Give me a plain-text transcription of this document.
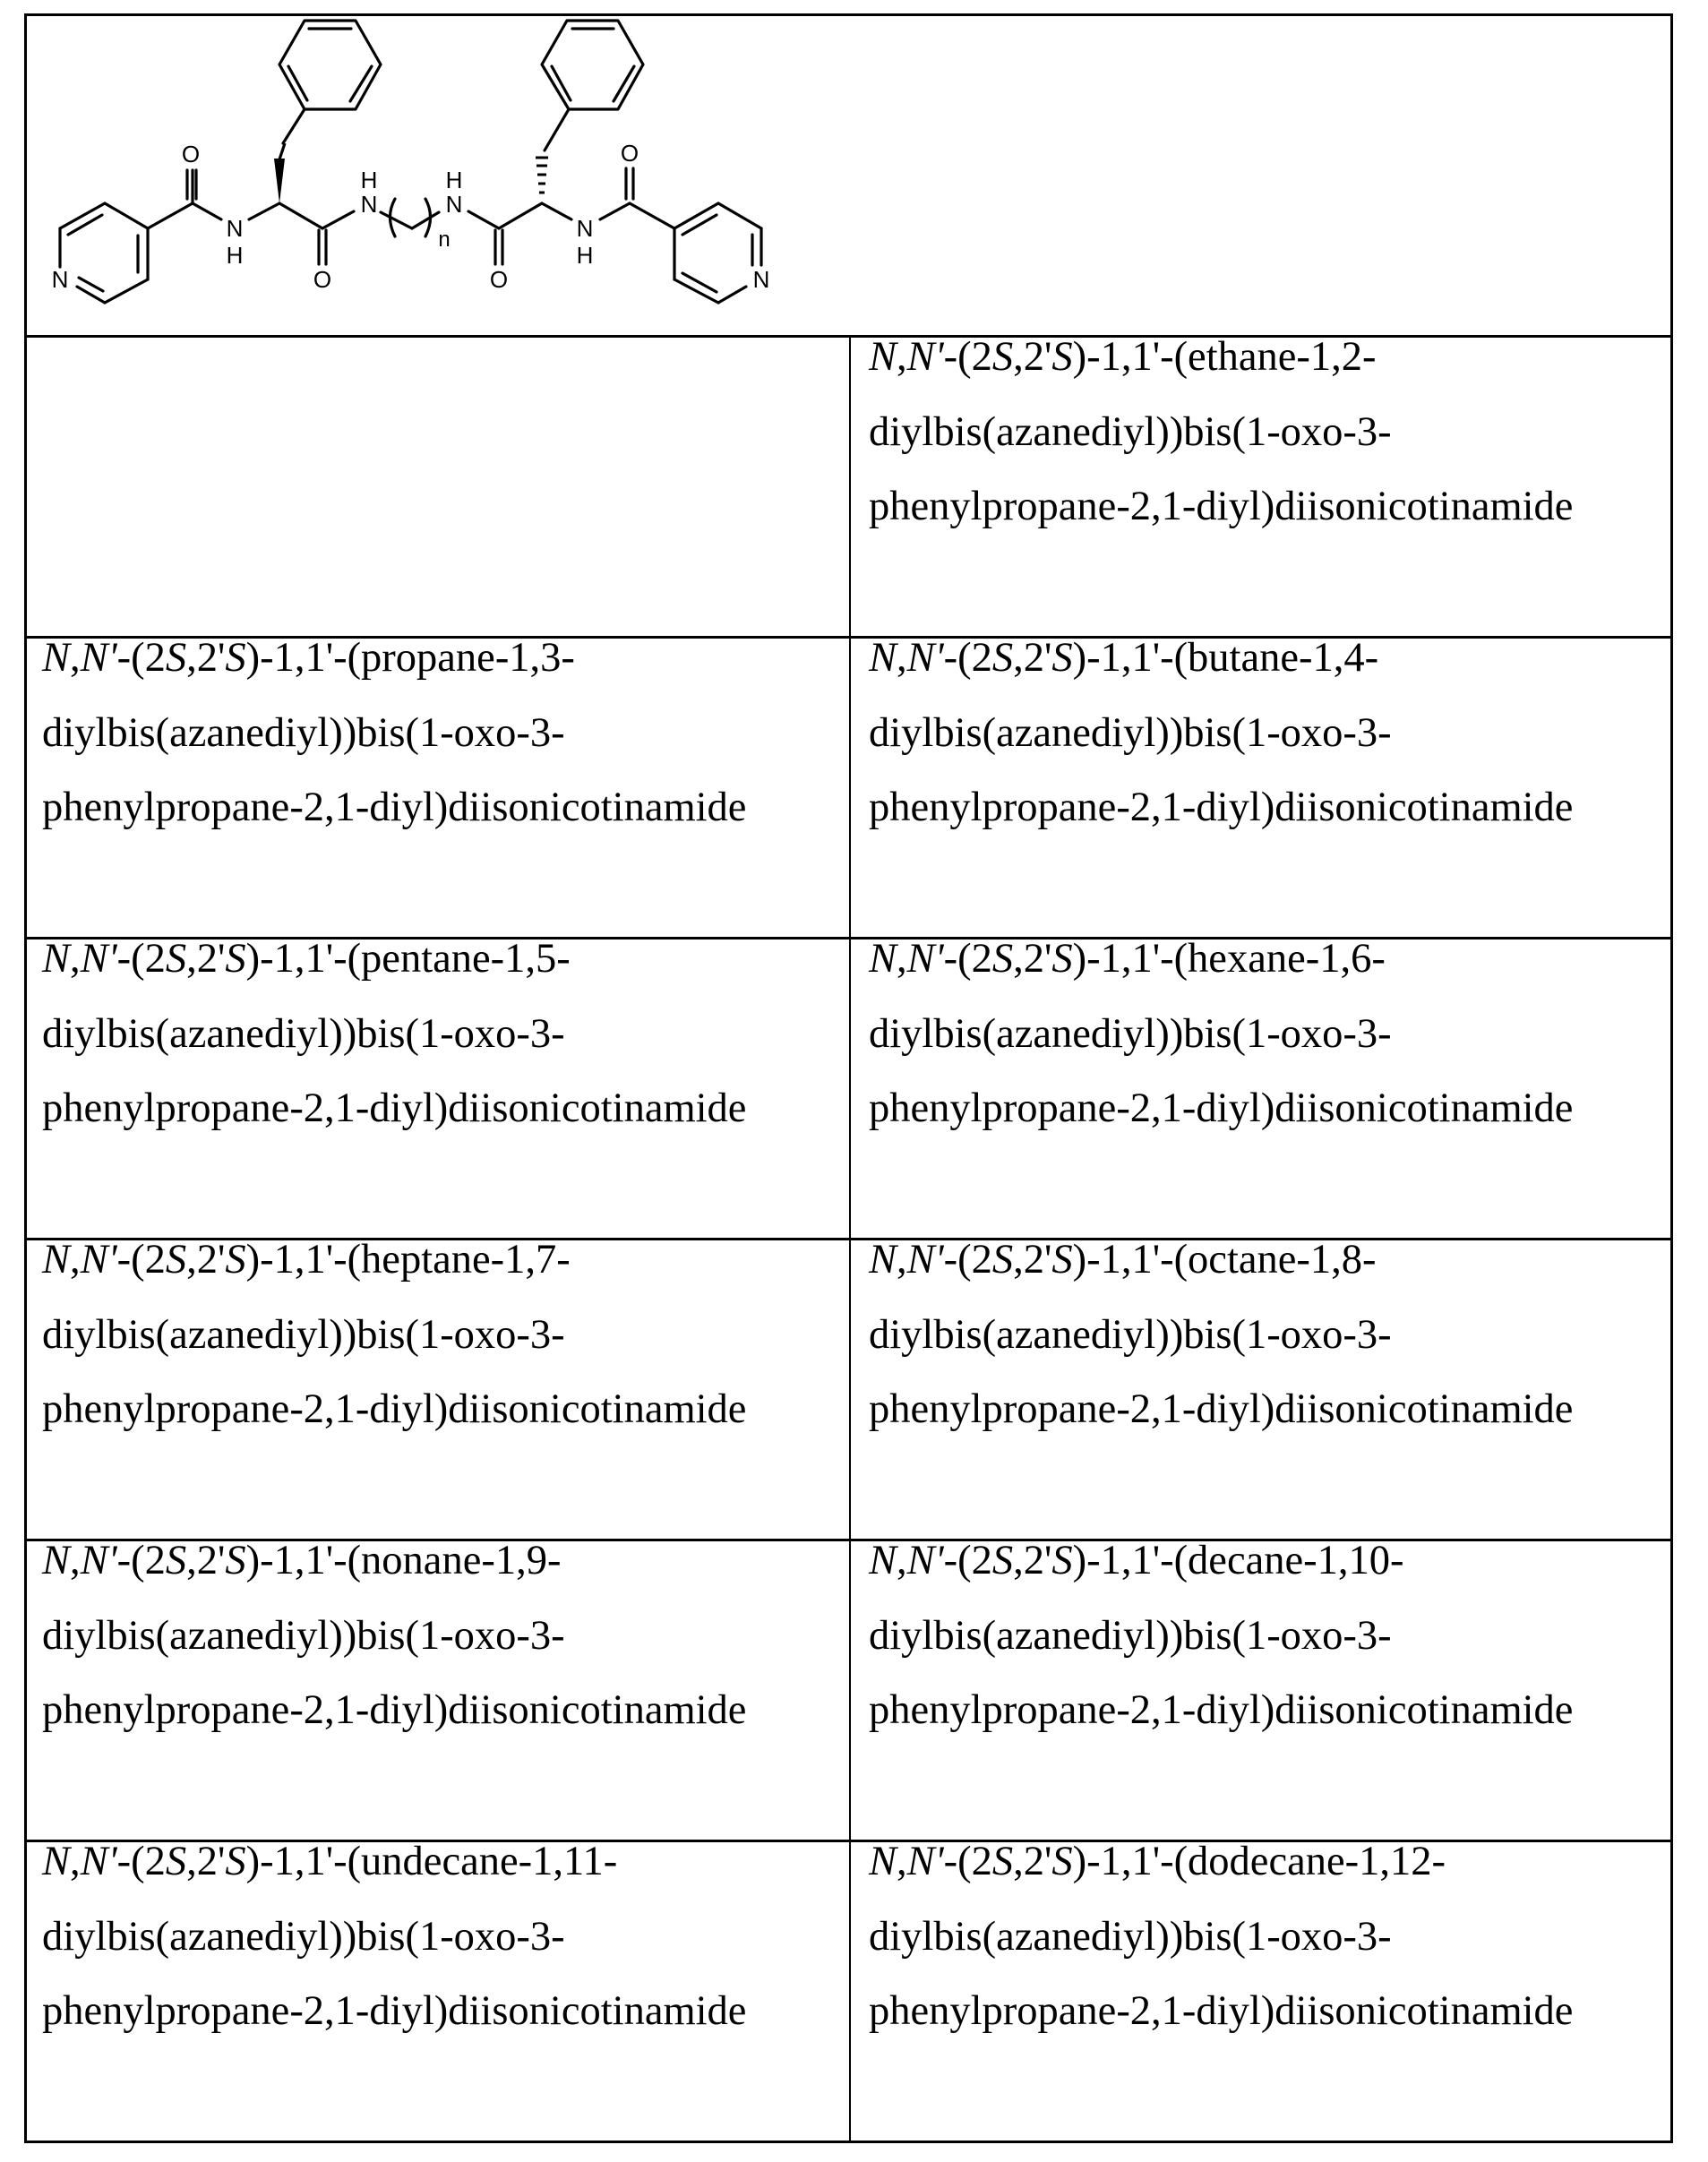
N
O
N
H
O
N
H
N
H
O
N
H
O
N
n
N,N'-(2S,2'S)-1,1'-(ethane-1,2-
diylbis(azanediyl))bis(1-oxo-3-
phenylpropane-2,1-diyl)diisonicotinamide
N,N'-(2S,2'S)-1,1'-(propane-1,3-
diylbis(azanediyl))bis(1-oxo-3-
phenylpropane-2,1-diyl)diisonicotinamide
N,N'-(2S,2'S)-1,1'-(butane-1,4-
diylbis(azanediyl))bis(1-oxo-3-
phenylpropane-2,1-diyl)diisonicotinamide
N,N'-(2S,2'S)-1,1'-(pentane-1,5-
diylbis(azanediyl))bis(1-oxo-3-
phenylpropane-2,1-diyl)diisonicotinamide
N,N'-(2S,2'S)-1,1'-(hexane-1,6-
diylbis(azanediyl))bis(1-oxo-3-
phenylpropane-2,1-diyl)diisonicotinamide
N,N'-(2S,2'S)-1,1'-(heptane-1,7-
diylbis(azanediyl))bis(1-oxo-3-
phenylpropane-2,1-diyl)diisonicotinamide
N,N'-(2S,2'S)-1,1'-(octane-1,8-
diylbis(azanediyl))bis(1-oxo-3-
phenylpropane-2,1-diyl)diisonicotinamide
N,N'-(2S,2'S)-1,1'-(nonane-1,9-
diylbis(azanediyl))bis(1-oxo-3-
phenylpropane-2,1-diyl)diisonicotinamide
N,N'-(2S,2'S)-1,1'-(decane-1,10-
diylbis(azanediyl))bis(1-oxo-3-
phenylpropane-2,1-diyl)diisonicotinamide
N,N'-(2S,2'S)-1,1'-(undecane-1,11-
diylbis(azanediyl))bis(1-oxo-3-
phenylpropane-2,1-diyl)diisonicotinamide
N,N'-(2S,2'S)-1,1'-(dodecane-1,12-
diylbis(azanediyl))bis(1-oxo-3-
phenylpropane-2,1-diyl)diisonicotinamide
